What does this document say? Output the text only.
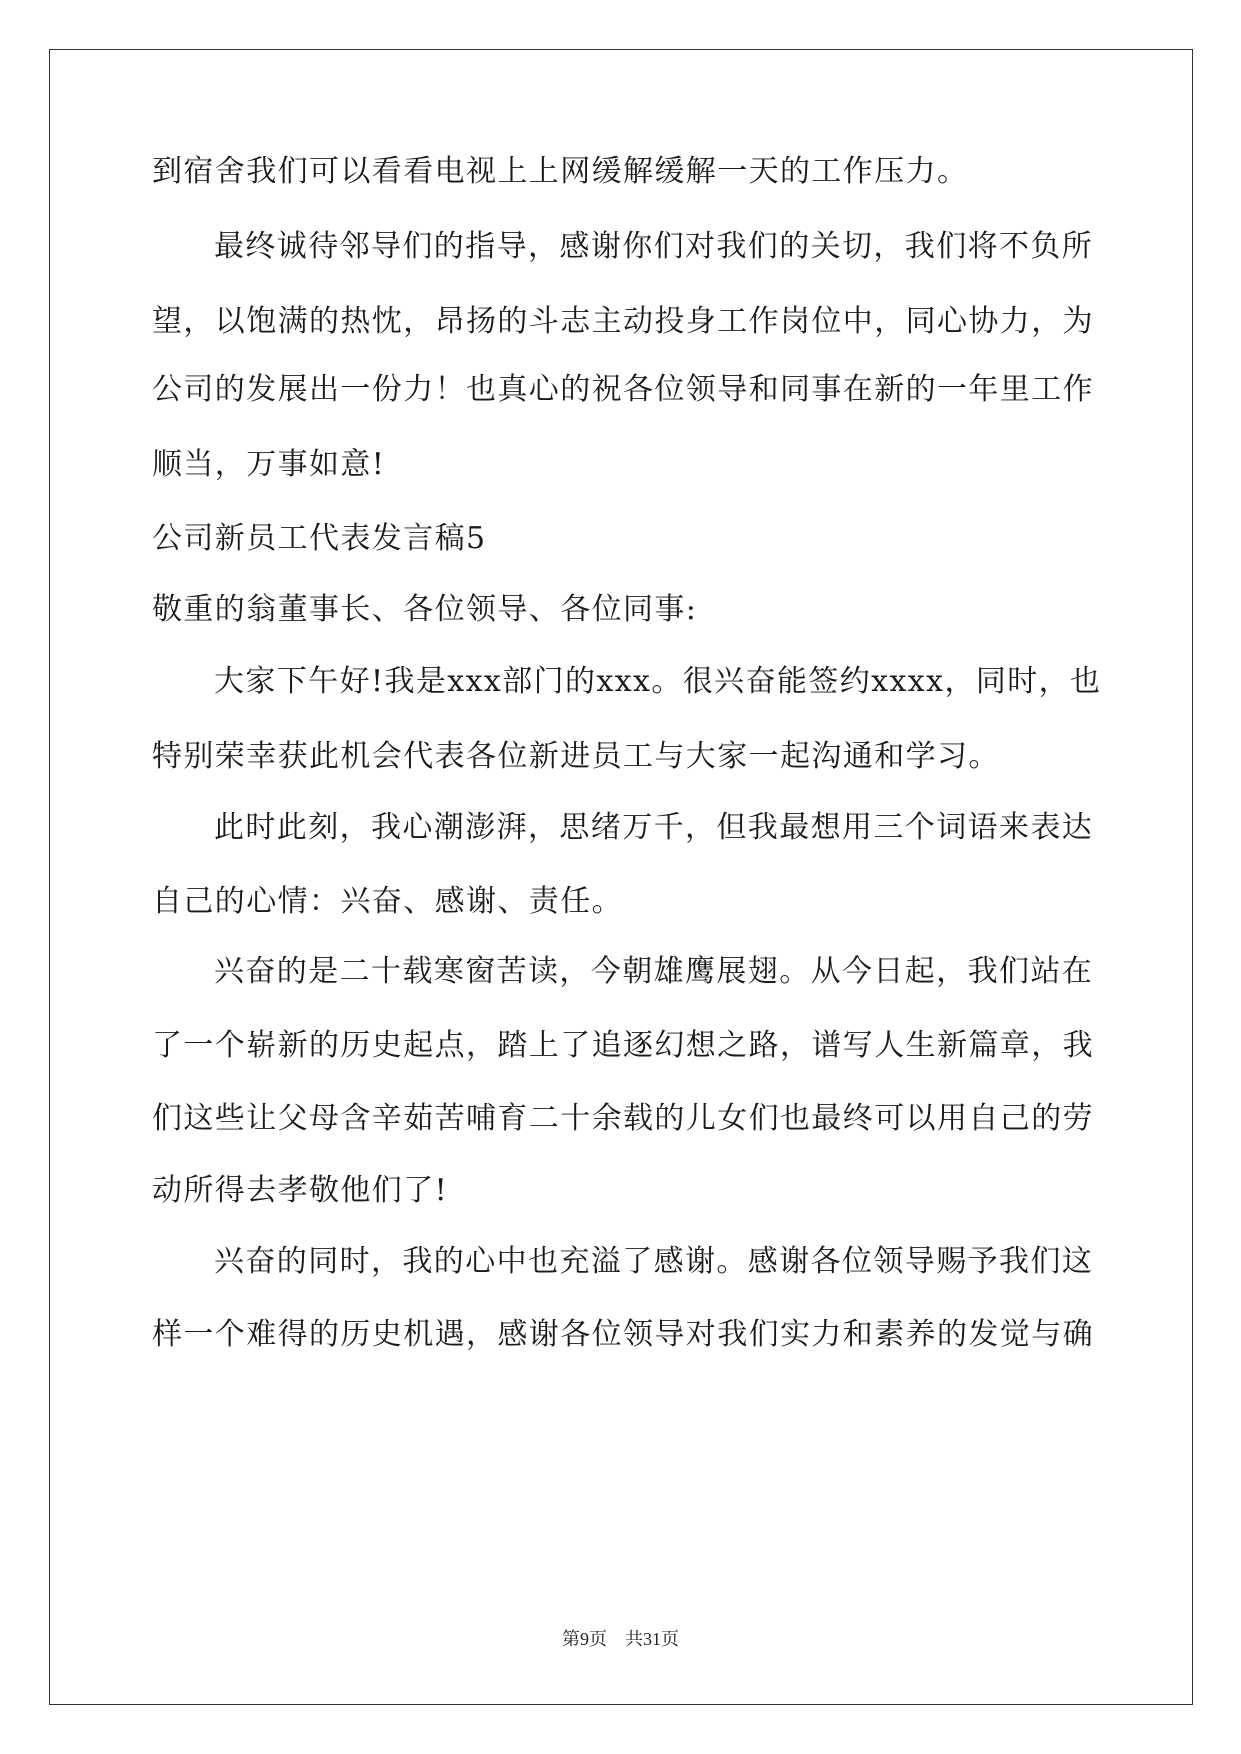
到宿舍我们可以看看电视上上网缓解缓解一天的工作压力。
最终诚待邻导们的指导，感谢你们对我们的关切，我们将不负所
望，以饱满的热忱，昂扬的斗志主动投身工作岗位中，同心协力，为
公司的发展出一份力！也真心的祝各位领导和同事在新的一年里工作
顺当，万事如意!
公司新员工代表发言稿5
敬重的翁董事长、各位领导、各位同事:
大家下午好!我是xxx部门的xxx。很兴奋能签约xxxx，同时，也
特别荣幸获此机会代表各位新进员工与大家一起沟通和学习。
此时此刻，我心潮澎湃，思绪万千，但我最想用三个词语来表达
自己的心情：兴奋、感谢、责任。
兴奋的是二十载寒窗苦读，今朝雄鹰展翅。从今日起，我们站在
了一个崭新的历史起点，踏上了追逐幻想之路，谱写人生新篇章，我
们这些让父母含辛茹苦哺育二十余载的儿女们也最终可以用自己的劳
动所得去孝敬他们了!
兴奋的同时，我的心中也充溢了感谢。感谢各位领导赐予我们这
样一个难得的历史机遇，感谢各位领导对我们实力和素养的发觉与确
第9页    共31页
